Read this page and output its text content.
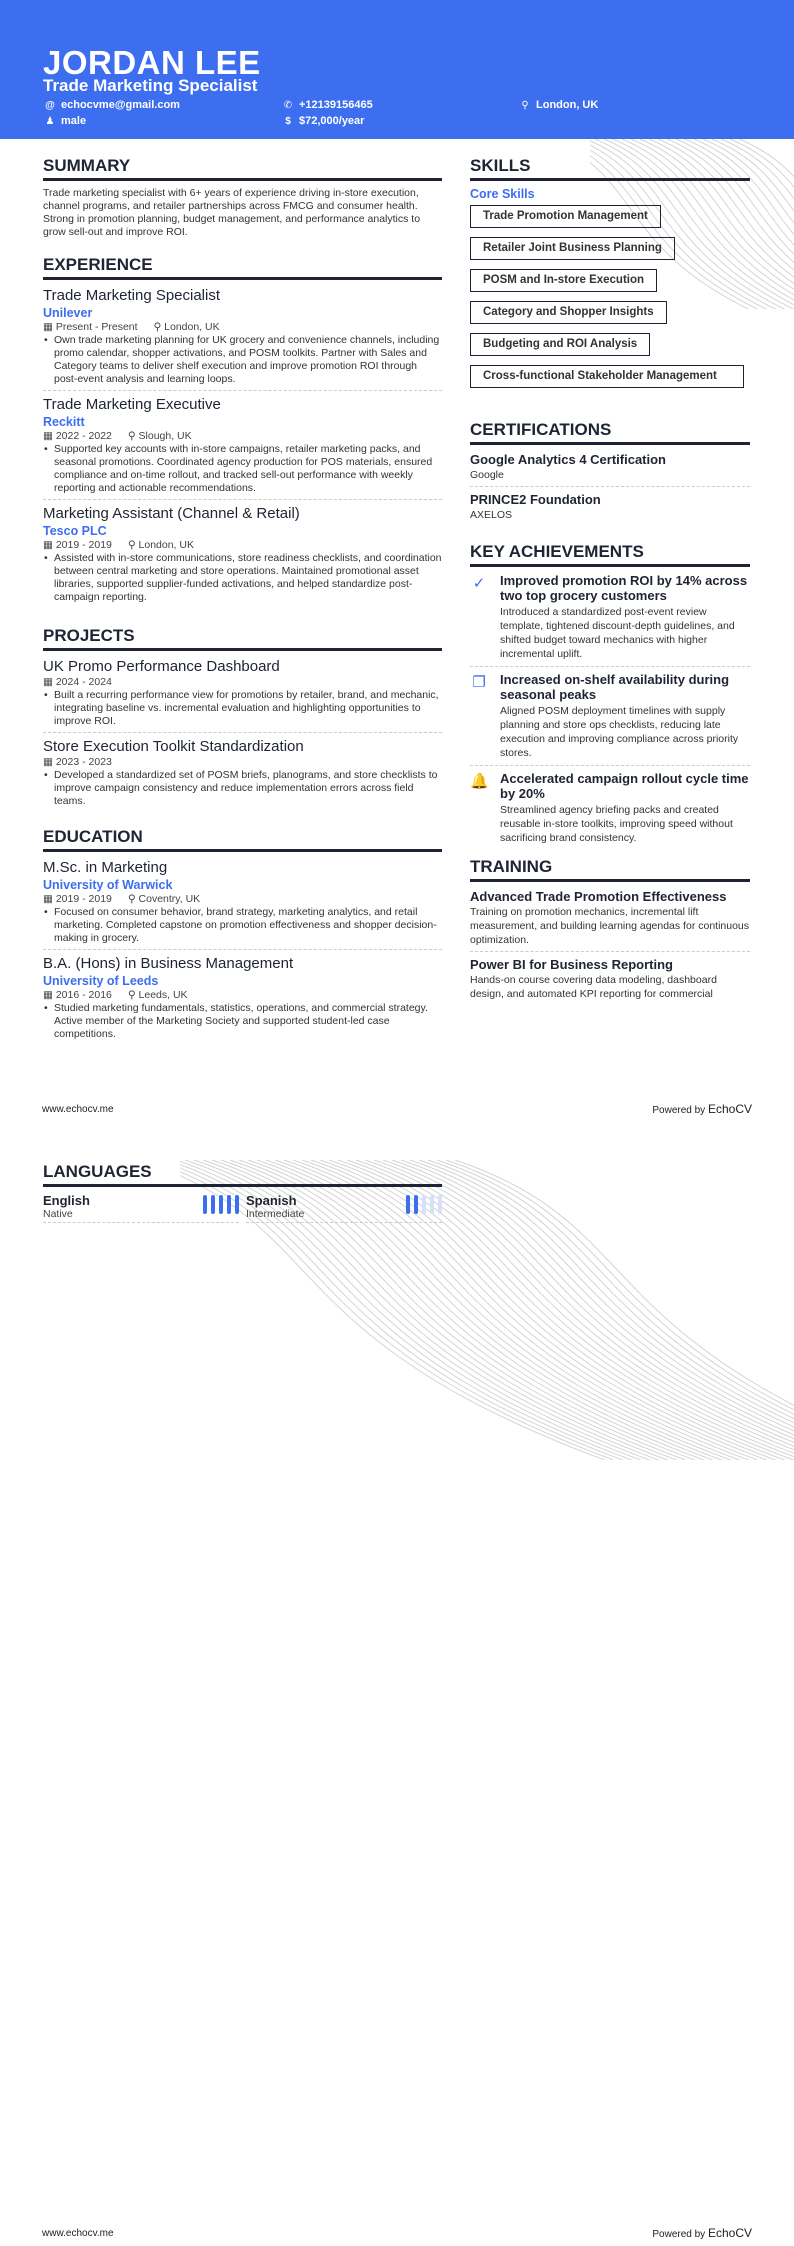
JORDAN LEE
Trade Marketing Specialist
@ echocvme@gmail.com	✆ +12139156465	⚲ London, UK
♟ male	$ $72,000/year
SUMMARY
Trade marketing specialist with 6+ years of experience driving in-store execution, channel programs, and retailer partnerships across FMCG and consumer health. Strong in promotion planning, budget management, and performance analytics to grow sell-out and improve ROI.
EXPERIENCE
Trade Marketing Specialist
Unilever
▦ Present - Present ⚲ London, UK
• Own trade marketing planning for UK grocery and convenience channels, including promo calendar, shopper activations, and POSM toolkits. Partner with Sales and Category teams to deliver shelf execution and improve promotion ROI through post-event analysis and learning loops.
Trade Marketing Executive
Reckitt
▦ 2022 - 2022 ⚲ Slough, UK
• Supported key accounts with in-store campaigns, retailer marketing packs, and seasonal promotions. Coordinated agency production for POS materials, ensured compliance and on-time rollout, and tracked sell-out performance with weekly reporting and actionable recommendations.
Marketing Assistant (Channel & Retail)
Tesco PLC
▦ 2019 - 2019 ⚲ London, UK
• Assisted with in-store communications, store readiness checklists, and coordination between central marketing and store operations. Maintained promotional asset libraries, supported supplier-funded activations, and helped standardize post-campaign reporting.
PROJECTS
UK Promo Performance Dashboard
▦ 2024 - 2024
• Built a recurring performance view for promotions by retailer, brand, and mechanic, integrating baseline vs. incremental evaluation and highlighting opportunities to improve ROI.
Store Execution Toolkit Standardization
▦ 2023 - 2023
• Developed a standardized set of POSM briefs, planograms, and store checklists to improve campaign consistency and reduce implementation errors across field teams.
EDUCATION
M.Sc. in Marketing
University of Warwick
▦ 2019 - 2019 ⚲ Coventry, UK
• Focused on consumer behavior, brand strategy, marketing analytics, and retail marketing. Completed capstone on promotion effectiveness and shopper decision-making in grocery.
B.A. (Hons) in Business Management
University of Leeds
▦ 2016 - 2016 ⚲ Leeds, UK
• Studied marketing fundamentals, statistics, operations, and commercial strategy. Active member of the Marketing Society and supported student-led case competitions.
SKILLS
Core Skills
Trade Promotion Management
Retailer Joint Business Planning
POSM and In-store Execution
Category and Shopper Insights
Budgeting and ROI Analysis
Cross-functional Stakeholder Management
CERTIFICATIONS
Google Analytics 4 Certification
Google
PRINCE2 Foundation
AXELOS
KEY ACHIEVEMENTS
✓ Improved promotion ROI by 14% across two top grocery customers
Introduced a standardized post-event review template, tightened discount-depth guidelines, and shifted budget toward mechanics with higher incremental uplift.
❐ Increased on-shelf availability during seasonal peaks
Aligned POSM deployment timelines with supply planning and store ops checklists, reducing late execution and improving compliance across priority stores.
🔔 Accelerated campaign rollout cycle time by 20%
Streamlined agency briefing packs and created reusable in-store toolkits, improving speed without sacrificing brand consistency.
TRAINING
Advanced Trade Promotion Effectiveness
Training on promotion mechanics, incremental lift measurement, and building learning agendas for continuous optimization.
Power BI for Business Reporting
Hands-on course covering data modeling, dashboard design, and automated KPI reporting for commercial
www.echocv.me	Powered by EchoCV
LANGUAGES
English
Native
Spanish
Intermediate
www.echocv.me	Powered by EchoCV
